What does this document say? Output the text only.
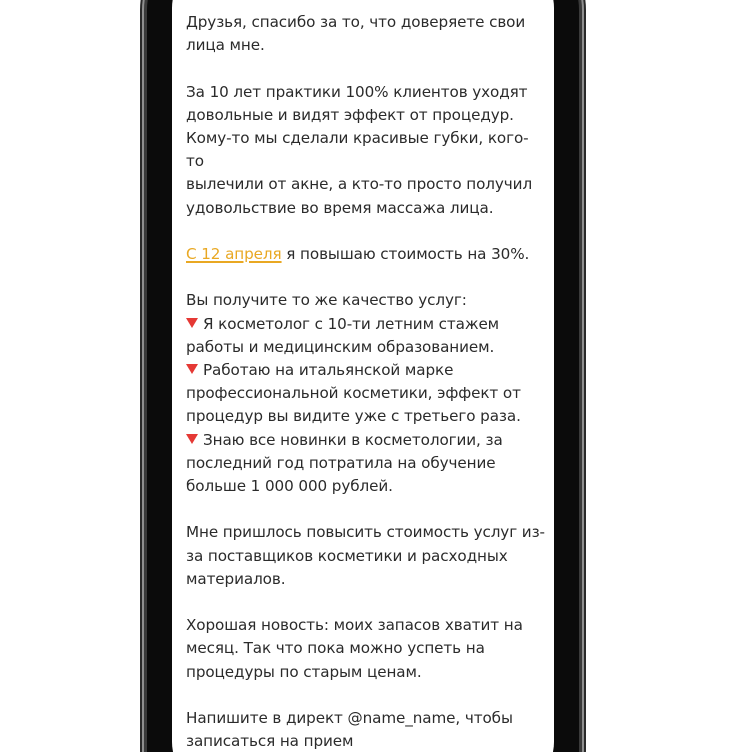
Друзья, спасибо за то, что доверяете свои
лица мне.

За 10 лет практики 100% клиентов уходят
довольные и видят эффект от процедур.
Кому-то мы сделали красивые губки, кого-то
вылечили от акне, а кто-то просто получил
удовольствие во время массажа лица.

С 12 апреля я повышаю стоимость на 30%.

Вы получите то же качество услуг:
Я косметолог с 10-ти летним стажем
работы и медицинским образованием.
Работаю на итальянской марке
профессиональной косметики, эффект от
процедур вы видите уже с третьего раза.
Знаю все новинки в косметологии, за
последний год потратила на обучение
больше 1 000 000 рублей.

Мне пришлось повысить стоимость услуг из-
за поставщиков косметики и расходных
материалов.

Хорошая новость: моих запасов хватит на
месяц. Так что пока можно успеть на
процедуры по старым ценам.

Напишите в директ @name_name, чтобы
записаться на прием
